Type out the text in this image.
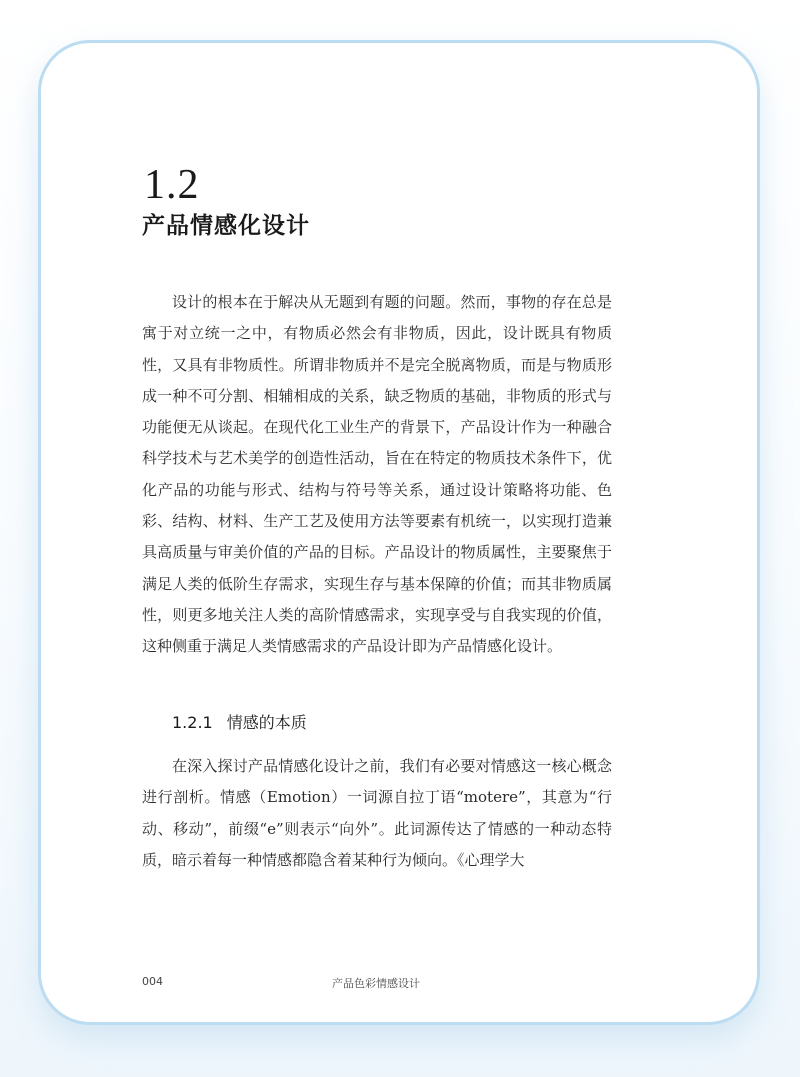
1.2
产品情感化设计

设计的根本在于解决从无题到有题的问题。然而，事物的存在总是寓于对立统一之中，有物质必然会有非物质，因此，设计既具有物质性，又具有非物质性。所谓非物质并不是完全脱离物质，而是与物质形成一种不可分割、相辅相成的关系，缺乏物质的基础，非物质的形式与功能便无从谈起。在现代化工业生产的背景下，产品设计作为一种融合科学技术与艺术美学的创造性活动，旨在在特定的物质技术条件下，优化产品的功能与形式、结构与符号等关系，通过设计策略将功能、色彩、结构、材料、生产工艺及使用方法等要素有机统一，以实现打造兼具高质量与审美价值的产品的目标。产品设计的物质属性，主要聚焦于满足人类的低阶生存需求，实现生存与基本保障的价值；而其非物质属性，则更多地关注人类的高阶情感需求，实现享受与自我实现的价值，这种侧重于满足人类情感需求的产品设计即为产品情感化设计。

1.2.1 情感的本质

在深入探讨产品情感化设计之前，我们有必要对情感这一核心概念进行剖析。情感（Emotion）一词源自拉丁语“motere”，其意为“行动、移动”，前缀“e”则表示“向外”。此词源传达了情感的一种动态特质，暗示着每一种情感都隐含着某种行为倾向。《心理学大

004	产品色彩情感设计
